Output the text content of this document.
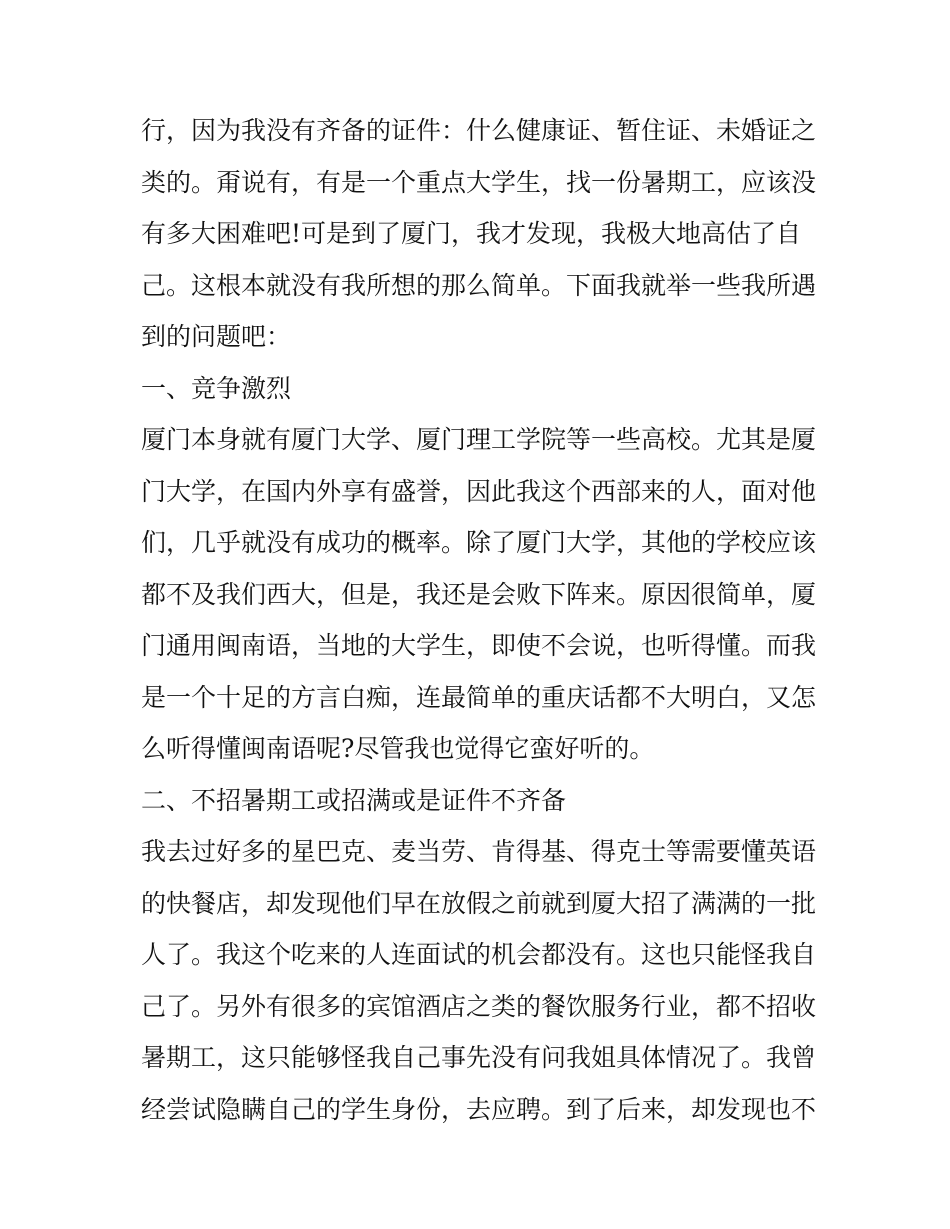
行，因为我没有齐备的证件：什么健康证、暂住证、未婚证之
类的。甭说有，有是一个重点大学生，找一份暑期工，应该没
有多大困难吧!可是到了厦门，我才发现，我极大地高估了自
己。这根本就没有我所想的那么简单。下面我就举一些我所遇
到的问题吧：
一、竞争激烈
厦门本身就有厦门大学、厦门理工学院等一些高校。尤其是厦
门大学，在国内外享有盛誉，因此我这个西部来的人，面对他
们，几乎就没有成功的概率。除了厦门大学，其他的学校应该
都不及我们西大，但是，我还是会败下阵来。原因很简单，厦
门通用闽南语，当地的大学生，即使不会说，也听得懂。而我
是一个十足的方言白痴，连最简单的重庆话都不大明白，又怎
么听得懂闽南语呢?尽管我也觉得它蛮好听的。
二、不招暑期工或招满或是证件不齐备
我去过好多的星巴克、麦当劳、肯得基、得克士等需要懂英语
的快餐店，却发现他们早在放假之前就到厦大招了满满的一批
人了。我这个吃来的人连面试的机会都没有。这也只能怪我自
己了。另外有很多的宾馆酒店之类的餐饮服务行业，都不招收
暑期工，这只能够怪我自己事先没有问我姐具体情况了。我曾
经尝试隐瞒自己的学生身份，去应聘。到了后来，却发现也不
